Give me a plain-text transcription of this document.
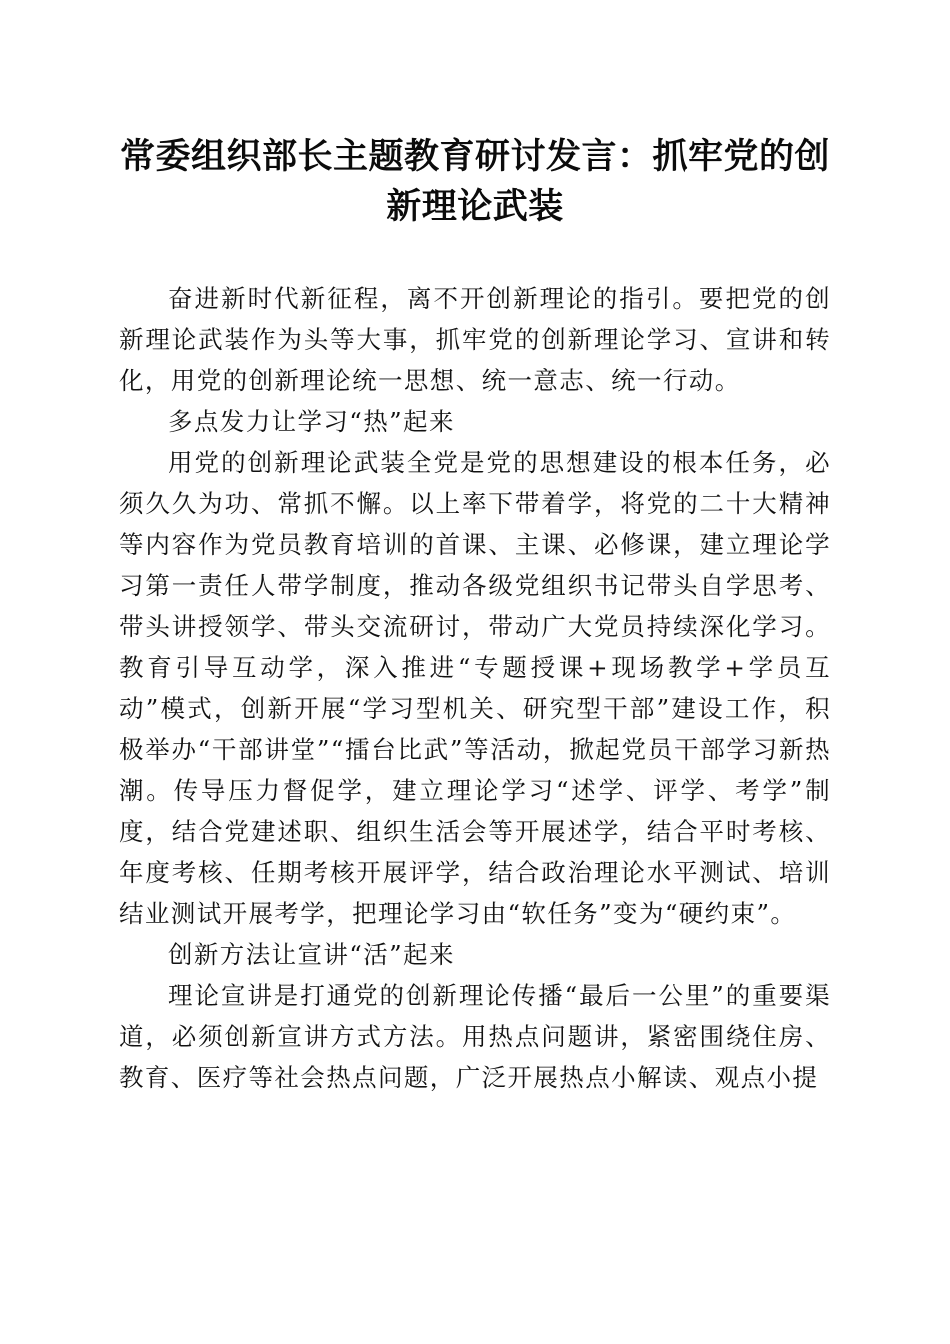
常委组织部长主题教育研讨发言：抓牢党的创
新理论武装

奋进新时代新征程，离不开创新理论的指引。要把党的创新理论武装作为头等大事，抓牢党的创新理论学习、宣讲和转化，用党的创新理论统一思想、统一意志、统一行动。

多点发力让学习“热”起来

用党的创新理论武装全党是党的思想建设的根本任务，必须久久为功、常抓不懈。以上率下带着学，将党的二十大精神等内容作为党员教育培训的首课、主课、必修课，建立理论学习第一责任人带学制度，推动各级党组织书记带头自学思考、带头讲授领学、带头交流研讨，带动广大党员持续深化学习。教育引导互动学，深入推进“专题授课+现场教学+学员互动”模式，创新开展“学习型机关、研究型干部”建设工作，积极举办“干部讲堂”“擂台比武”等活动，掀起党员干部学习新热潮。传导压力督促学，建立理论学习“述学、评学、考学”制度，结合党建述职、组织生活会等开展述学，结合平时考核、年度考核、任期考核开展评学，结合政治理论水平测试、培训结业测试开展考学，把理论学习由“软任务”变为“硬约束”。

创新方法让宣讲“活”起来

理论宣讲是打通党的创新理论传播“最后一公里”的重要渠道，必须创新宣讲方式方法。用热点问题讲，紧密围绕住房、教育、医疗等社会热点问题，广泛开展热点小解读、观点小提
